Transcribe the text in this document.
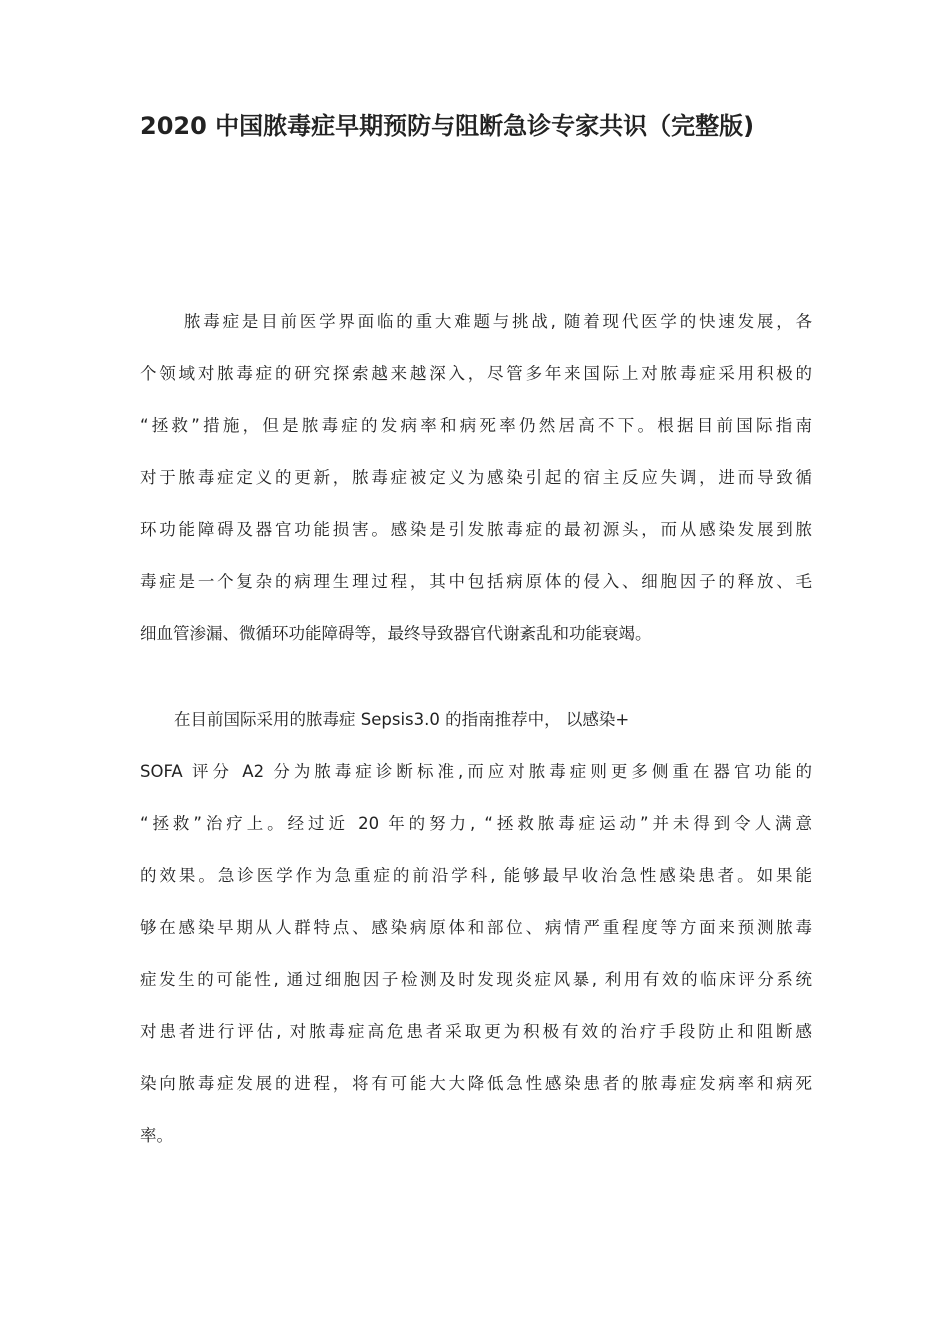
2020 中国脓毒症早期预防与阻断急诊专家共识（完整版)
脓毒症是目前医学界面临的重大难题与挑战, 随着现代医学的快速发展，各
个领域对脓毒症的研究探索越来越深入，尽管多年来国际上对脓毒症采用积极的
“拯救”措施，但是脓毒症的发病率和病死率仍然居高不下。根据目前国际指南
对于脓毒症定义的更新，脓毒症被定义为感染引起的宿主反应失调，进而导致循
环功能障碍及器官功能损害。感染是引发脓毒症的最初源头，而从感染发展到脓
毒症是一个复杂的病理生理过程，其中包括病原体的侵入、细胞因子的释放、毛
细血管渗漏、微循环功能障碍等，最终导致器官代谢紊乱和功能衰竭。
在目前国际采用的脓毒症 Sepsis3.0 的指南推荐中， 以感染+
SOFA 评分 A2 分为脓毒症诊断标准,而应对脓毒症则更多侧重在器官功能的
“拯救”治疗上。经过近 20 年的努力, “拯救脓毒症运动”并未得到令人满意
的效果。急诊医学作为急重症的前沿学科, 能够最早收治急性感染患者。如果能
够在感染早期从人群特点、感染病原体和部位、病情严重程度等方面来预测脓毒
症发生的可能性, 通过细胞因子检测及时发现炎症风暴, 利用有效的临床评分系统
对患者进行评估, 对脓毒症高危患者采取更为积极有效的治疗手段防止和阻断感
染向脓毒症发展的进程，将有可能大大降低急性感染患者的脓毒症发病率和病死
率。
